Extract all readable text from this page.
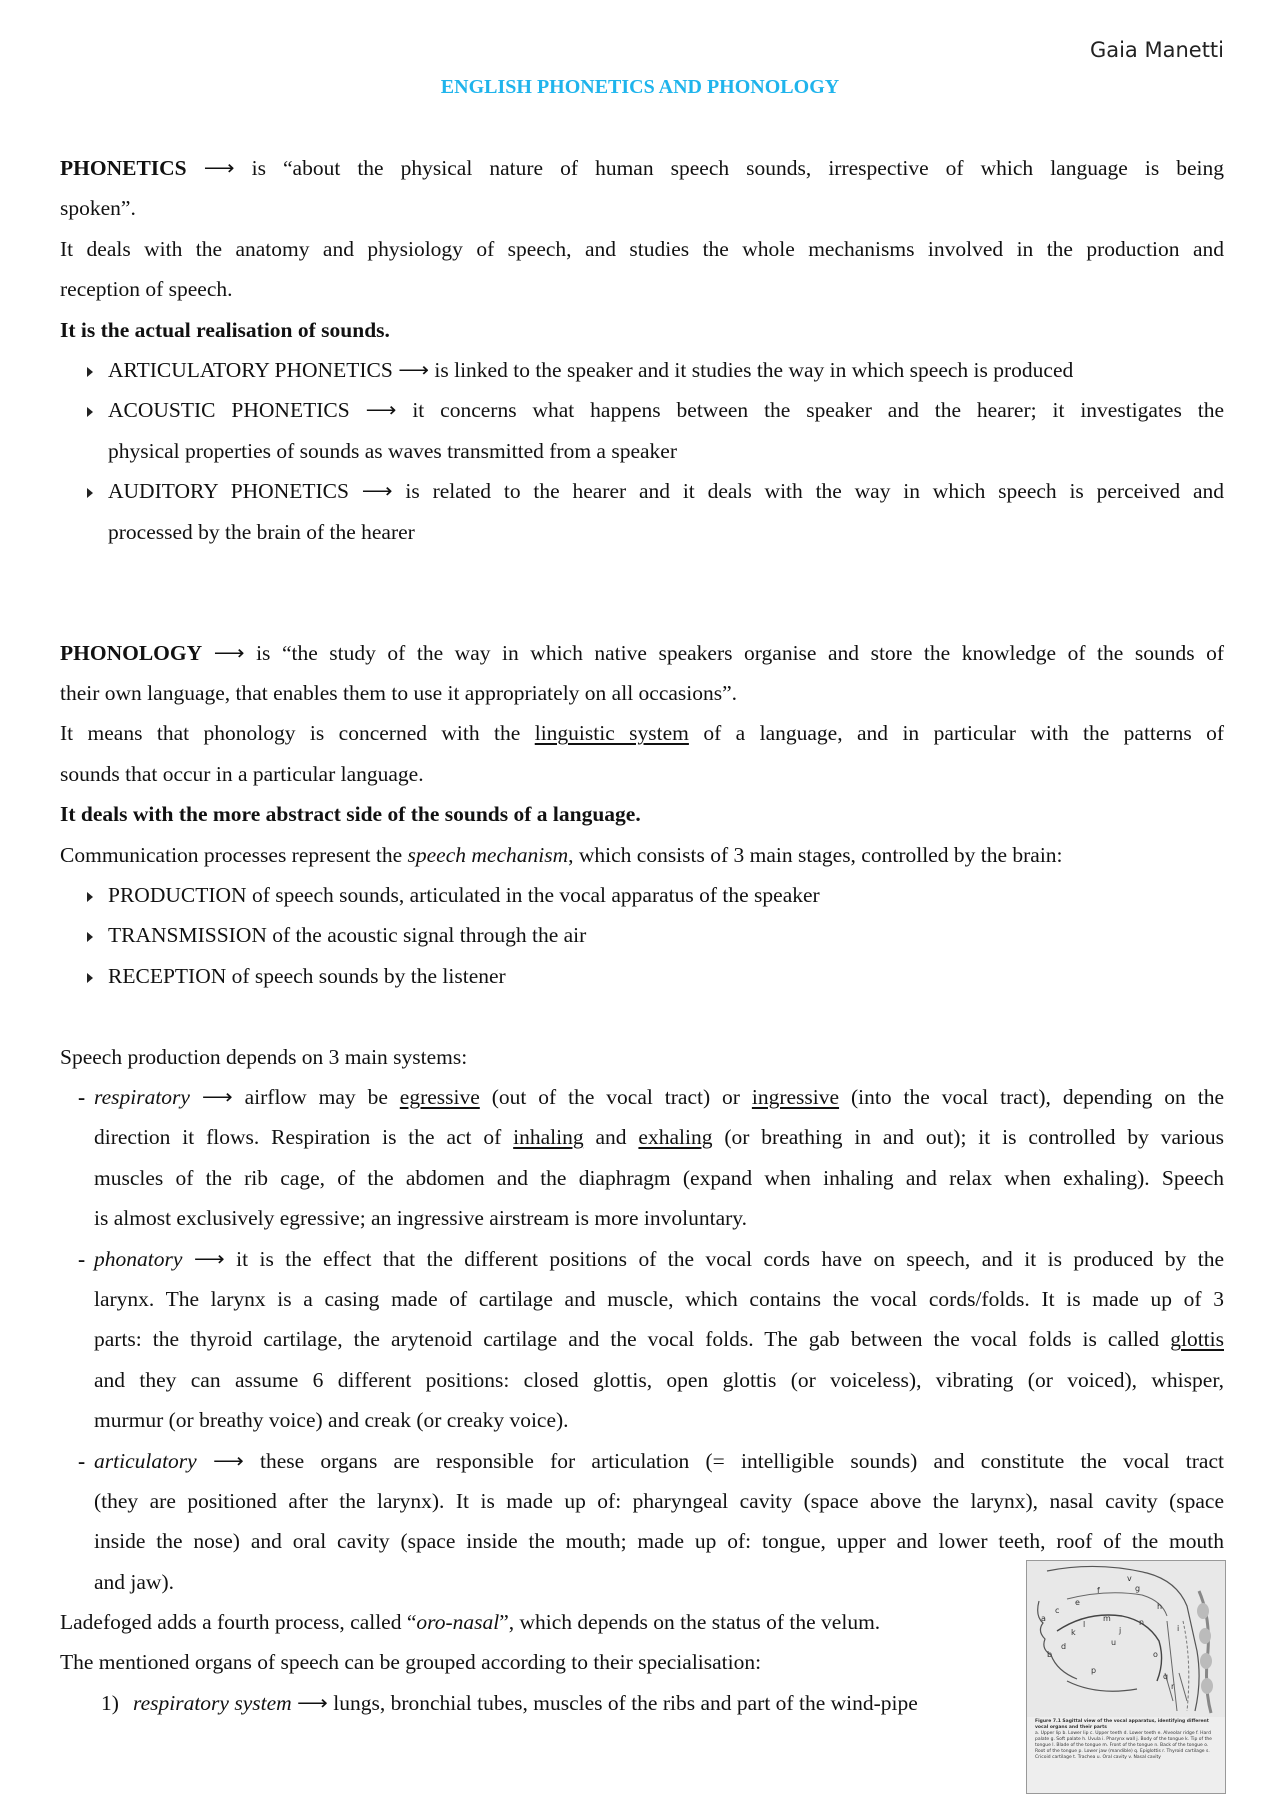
Gaia Manetti
ENGLISH PHONETICS AND PHONOLOGY
PHONETICS ⟶ is “about the physical nature of human speech sounds, irrespective of which language is being
spoken”.
It deals with the anatomy and physiology of speech, and studies the whole mechanisms involved in the production and
reception of speech.
It is the actual realisation of sounds.
ARTICULATORY PHONETICS ⟶ is linked to the speaker and it studies the way in which speech is produced
ACOUSTIC PHONETICS ⟶ it concerns what happens between the speaker and the hearer; it investigates the
physical properties of sounds as waves transmitted from a speaker
AUDITORY PHONETICS ⟶ is related to the hearer and it deals with the way in which speech is perceived and
processed by the brain of the hearer
PHONOLOGY ⟶ is “the study of the way in which native speakers organise and store the knowledge of the sounds of
their own language, that enables them to use it appropriately on all occasions”.
It means that phonology is concerned with the linguistic system of a language, and in particular with the patterns of
sounds that occur in a particular language.
It deals with the more abstract side of the sounds of a language.
Communication processes represent the speech mechanism, which consists of 3 main stages, controlled by the brain:
PRODUCTION of speech sounds, articulated in the vocal apparatus of the speaker
TRANSMISSION of the acoustic signal through the air
RECEPTION of speech sounds by the listener
Speech production depends on 3 main systems:
- respiratory ⟶ airflow may be egressive (out of the vocal tract) or ingressive (into the vocal tract), depending on the
direction it flows. Respiration is the act of inhaling and exhaling (or breathing in and out); it is controlled by various
muscles of the rib cage, of the abdomen and the diaphragm (expand when inhaling and relax when exhaling). Speech
is almost exclusively egressive; an ingressive airstream is more involuntary.
- phonatory ⟶ it is the effect that the different positions of the vocal cords have on speech, and it is produced by the
larynx. The larynx is a casing made of cartilage and muscle, which contains the vocal cords/folds. It is made up of 3
parts: the thyroid cartilage, the arytenoid cartilage and the vocal folds. The gab between the vocal folds is called glottis
and they can assume 6 different positions: closed glottis, open glottis (or voiceless), vibrating (or voiced), whisper,
murmur (or breathy voice) and creak (or creaky voice).
- articulatory ⟶ these organs are responsible for articulation (= intelligible sounds) and constitute the vocal tract
(they are positioned after the larynx). It is made up of: pharyngeal cavity (space above the larynx), nasal cavity (space
inside the nose) and oral cavity (space inside the mouth; made up of: tongue, upper and lower teeth, roof of the mouth
and jaw).
Ladefoged adds a fourth process, called “oro-nasal”, which depends on the status of the velum.
The mentioned organs of speech can be grouped according to their specialisation:
1) respiratory system ⟶ lungs, bronchial tubes, muscles of the ribs and part of the wind-pipe
a
b
c
d
e
f	g
h
i
j
k
l
m	n
o
p
q
r
v
u
Figure 7.1 Sagittal view of the vocal apparatus, identifying different vocal organs and their parts
a. Upper lip b. Lower lip c. Upper teeth d. Lower teeth e. Alveolar ridge f. Hard palate g. Soft palate h. Uvula i. Pharynx wall j. Body of the tongue k. Tip of the tongue l. Blade of the tongue m. Front of the tongue n. Back of the tongue o. Root of the tongue p. Lower jaw (mandible) q. Epiglottis r. Thyroid cartilage s. Cricoid cartilage t. Trachea u. Oral cavity v. Nasal cavity
